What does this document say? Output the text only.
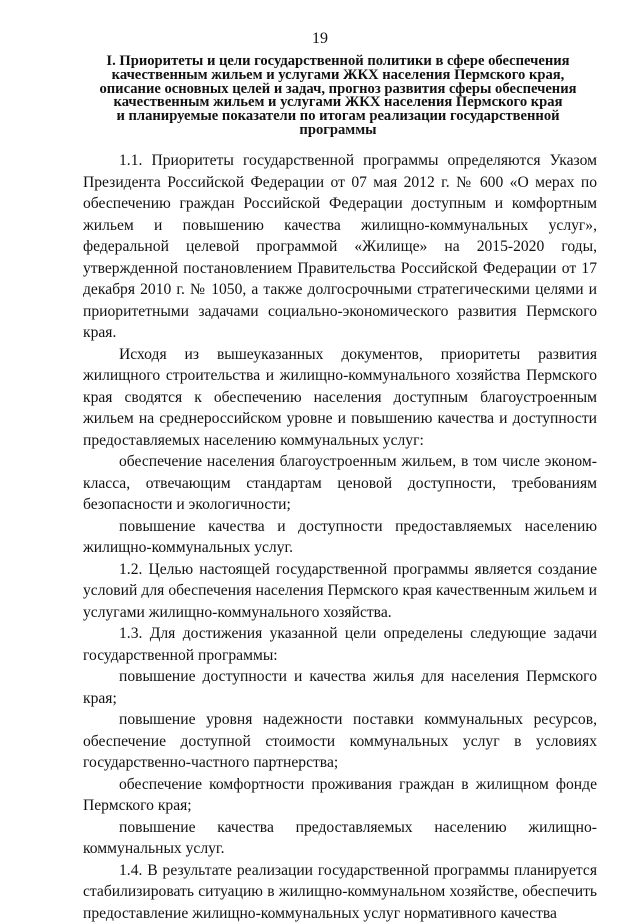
19
I. Приоритеты и цели государственной политики в сфере обеспечения
качественным жильем и услугами ЖКХ населения Пермского края,
описание основных целей и задач, прогноз развития сферы обеспечения
качественным жильем и услугами ЖКХ населения Пермского края
и планируемые показатели по итогам реализации государственной
программы

1.1. Приоритеты государственной программы определяются Указом Президента Российской Федерации от 07 мая 2012 г. № 600 «О мерах по обеспечению граждан Российской Федерации доступным и комфортным жильем и повышению качества жилищно-коммунальных услуг», федеральной целевой программой «Жилище» на 2015-2020 годы, утвержденной постановлением Правительства Российской Федерации от 17 декабря 2010 г. № 1050, а также долгосрочными стратегическими целями и приоритетными задачами социально-экономического развития Пермского края.

Исходя из вышеуказанных документов, приоритеты развития жилищного строительства и жилищно-коммунального хозяйства Пермского края сводятся к обеспечению населения доступным благоустроенным жильем на среднероссийском уровне и повышению качества и доступности предоставляемых населению коммунальных услуг:

обеспечение населения благоустроенным жильем, в том числе эконом-класса, отвечающим стандартам ценовой доступности, требованиям безопасности и экологичности;

повышение качества и доступности предоставляемых населению жилищно-коммунальных услуг.

1.2. Целью настоящей государственной программы является создание условий для обеспечения населения Пермского края качественным жильем и услугами жилищно-коммунального хозяйства.

1.3. Для достижения указанной цели определены следующие задачи государственной программы:

повышение доступности и качества жилья для населения Пермского края;

повышение уровня надежности поставки коммунальных ресурсов, обеспечение доступной стоимости коммунальных услуг в условиях государственно-частного партнерства;

обеспечение комфортности проживания граждан в жилищном фонде Пермского края;

повышение качества предоставляемых населению жилищно-коммунальных услуг.

1.4. В результате реализации государственной программы планируется стабилизировать ситуацию в жилищно-коммунальном хозяйстве, обеспечить предоставление жилищно-коммунальных услуг нормативного качества
